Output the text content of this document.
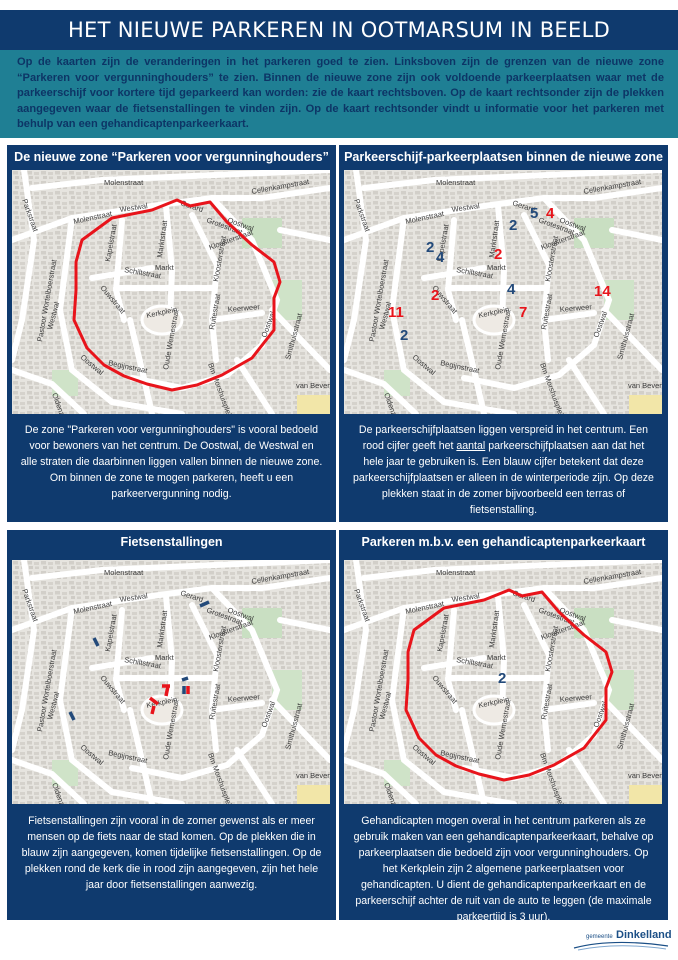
HET NIEUWE PARKEREN IN OOTMARSUM IN BEELD
Op de kaarten zijn de veranderingen in het parkeren goed te zien. Linksboven zijn de grenzen van de nieuwe zone “Parkeren voor vergunninghouders” te zien. Binnen de nieuwe zone zijn ook voldoende parkeerplaatsen waar met de parkeerschijf voor kortere tijd geparkeerd kan worden: zie de kaart rechtsboven. Op de kaart rechtsonder zijn de plekken aangegeven waar de fietsenstallingen te vinden zijn. Op de kaart rechtsonder vindt u informatie voor het parkeren met behulp van een gehandicaptenparkeerkaart.
De nieuwe zone “Parkeren voor vergunninghouders”
De zone "Parkeren voor vergunninghouders" is vooral bedoeld voor bewoners van het centrum. De Oostwal, de Westwal en alle straten die daarbinnen liggen vallen binnen de nieuwe zone. Om binnen de zone te mogen parkeren, heeft u een parkeervergunning nodig.
Parkeerschijf-parkeerplaatsen binnen de nieuwe zone
2
5 4
2
4	2
4	14
2
11	7
2
De parkeerschijfplaatsen liggen verspreid in het centrum. Een rood cijfer geeft het aantal parkeerschijfplaatsen aan dat het hele jaar te gebruiken is. Een blauw cijfer betekent dat deze parkeerschijfplaatsen er alleen in de winterperiode zijn. Op deze plekken staat in de zomer bijvoorbeeld een terras of fietsenstalling.
Fietsenstallingen
Fietsenstallingen zijn vooral in de zomer gewenst als er meer mensen op de fiets naar de stad komen. Op de plekken die in blauw zijn aangegeven, komen tijdelijke fietsenstallingen. Op de plekken rond de kerk die in rood zijn aangegeven, zijn het hele jaar door fietsenstallingen aanwezig.
Parkeren m.b.v. een gehandicaptenparkeerkaart
2
Gehandicapten mogen overal in het centrum parkeren als ze gebruik maken van een gehandicaptenparkeerkaart, behalve op parkeerplaatsen die bedoeld zijn voor vergunninghouders. Op het Kerkplein zijn 2 algemene parkeerplaatsen voor gehandicapten. U dient de gehandicaptenparkeerkaart en de parkeerschijf achter de ruit van de auto te leggen (de maximale parkeertijd is 3 uur).
gemeente Dinkelland
